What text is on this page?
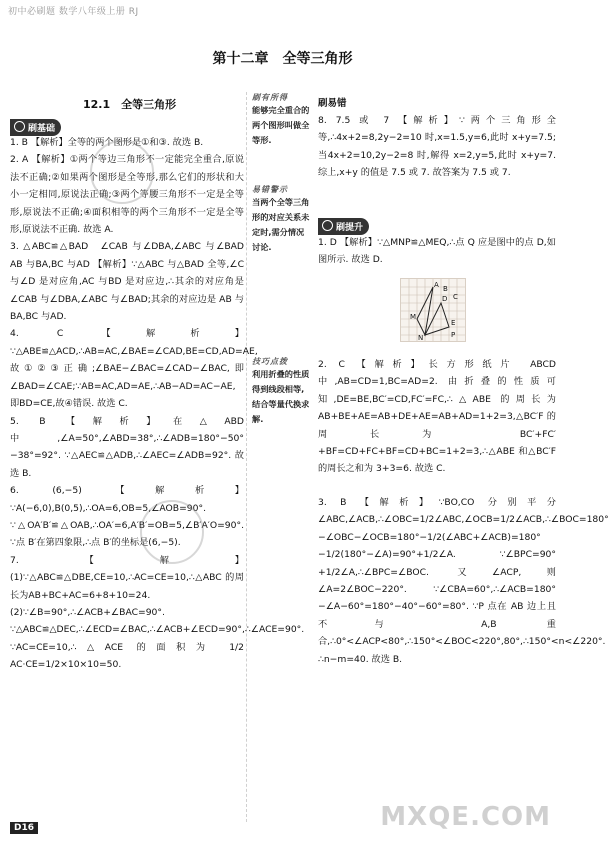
初中必刷题 数学八年级上册 RJ
第十二章　全等三角形
12.1　全等三角形
刷基础

1. B 【解析】全等的两个图形是①和③. 故选 B.

2. A 【解析】①两个等边三角形不一定能完全重合,原说法不正确;②如果两个图形是全等形,那么它们的形状和大小一定相同,原说法正确;③两个等腰三角形不一定是全等形,原说法不正确;④面积相等的两个三角形不一定是全等形,原说法不正确. 故选 A.

3. △ABC≌△BAD　∠CAB 与∠DBA,∠ABC 与∠BAD　AB 与BA,BC 与AD 【解析】∵△ABC 与△BAD 全等,∠C 与∠D 是对应角,AC 与BD 是对应边,∴其余的对应角是∠CAB 与∠DBA,∠ABC 与∠BAD;其余的对应边是 AB 与BA,BC 与AD.

4. C 【解析】∵△ABE≌△ACD,∴AB=AC,∠BAE=∠CAD,BE=CD,AD=AE,故①②③正确;∠BAE−∠BAC=∠CAD−∠BAC,即∠BAD=∠CAE;∵AB=AC,AD=AE,∴AB−AD=AC−AE,即BD=CE,故④错误. 故选 C.

5. B 【解析】在△ABD 中,∠A=50°,∠ABD=38°,∴∠ADB=180°−50°−38°=92°. ∵△AEC≌△ADB,∴∠AEC=∠ADB=92°. 故选 B.

6. (6,−5) 【解析】∵A(−6,0),B(0,5),∴OA=6,OB=5,∠AOB=90°. ∵△OA′B′≌△OAB,∴OA′=6,A′B′=OB=5,∠B′A′O=90°. ∵点 B′在第四象限,∴点 B′的坐标是(6,−5).

7.【解】(1)∵△ABC≌△DBE,CE=10,∴AC=CE=10,∴△ABC 的周长为AB+BC+AC=6+8+10=24.

(2)∵∠B=90°,∴∠ACB+∠BAC=90°. ∵△ABC≌△DEC,∴∠ECD=∠BAC,∴∠ACB+∠ECD=90°,∴∠ACE=90°. ∵AC=CE=10,∴△ACE 的面积为 1/2 AC·CE=1/2×10×10=50.

刷有所得
能够完全重合的两个图形叫做全等形.
易错警示
当两个全等三角形的对应关系未定时,需分情况讨论.
技巧点拨
利用折叠的性质得到线段相等,结合等量代换求解.
刷易错

8. 7.5 或 7 【解析】∵两个三角形全等,∴4x+2=8,2y−2=10 时,x=1.5,y=6,此时 x+y=7.5;当4x+2=10,2y−2=8 时,解得 x=2,y=5,此时 x+y=7. 综上,x+y 的值是 7.5 或 7. 故答案为 7.5 或 7.

刷提升

1. D 【解析】∵△MNP≌△MEQ,∴点 Q 应是图中的点 D,如图所示. 故选 D.

A B
C
D
M
N
E
P

2. C 【解析】长方形纸片 ABCD 中,AB=CD=1,BC=AD=2. 由折叠的性质可知,DE=BE,BC′=CD,FC′=FC,∴△ABE 的周长为 AB+BE+AE=AB+DE+AE=AB+AD=1+2=3,△BC′F 的周长为 BC′+FC′+BF=CD+FC+BF=CD+BC=1+2=3,∴△ABE 和△BC′F 的周长之和为 3+3=6. 故选 C.

3. B 【解析】∵BO,CO 分别平分∠ABC,∠ACB,∴∠OBC=1/2∠ABC,∠OCB=1/2∠ACB,∴∠BOC=180°−∠OBC−∠OCB=180°−1/2(∠ABC+∠ACB)=180°−1/2(180°−∠A)=90°+1/2∠A. ∵∠BPC=90°+1/2∠A,∴∠BPC=∠BOC. 又∠ACP,则∠A=2∠BOC−220°. ∵∠CBA=60°,∴∠ACB=180°−∠A−60°=180°−40°−60°=80°. ∵P 点在 AB 边上且不与 A,B 重合,∴0°<∠ACP<80°,∴150°<∠BOC<220°,80°,∴150°<n<∠220°. ∴n−m=40. 故选 B.

D16	MXQE.COM
